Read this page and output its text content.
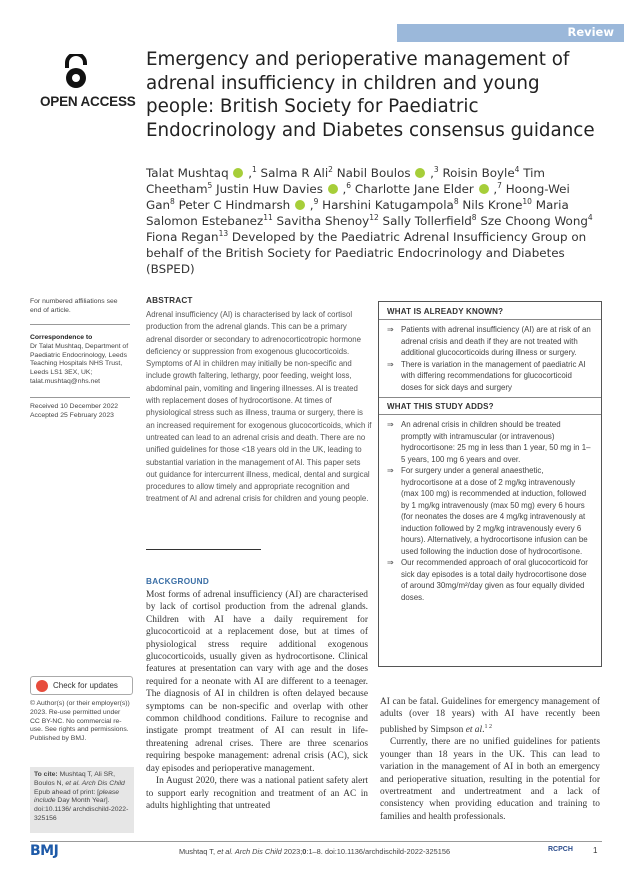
Review
OPEN ACCESS
Emergency and perioperative management of adrenal insufficiency in children and young people: British Society for Paediatric Endocrinology and Diabetes consensus guidance
Talat Mushtaq ,$^1$ Salma R Ali$^2$ Nabil Boulos ,$^3$ Roisin Boyle$^4$ Tim Cheetham$^5$ Justin Huw Davies ,$^6$ Charlotte Jane Elder ,$^7$ Hoong-Wei Gan$^8$ Peter C Hindmarsh ,$^9$ Harshini Katugampola$^8$ Nils Krone$^{10}$ Maria Salomon Estebanez$^{11}$ Savitha Shenoy$^{12}$ Sally Tollerfield$^8$ Sze Choong Wong$^4$ Fiona Regan$^{13}$ Developed by the Paediatric Adrenal Insufficiency Group on behalf of the British Society for Paediatric Endocrinology and Diabetes (BSPED)
For numbered affiliations see end of article.
Correspondence to
Dr Talat Mushtaq, Department of Paediatric Endocrinology, Leeds Teaching Hospitals NHS Trust, Leeds LS1 3EX, UK; talat.mushtaq@nhs.net
Received 10 December 2022
Accepted 25 February 2023
Check for updates
© Author(s) (or their employer(s)) 2023. Re-use permitted under CC BY-NC. No commercial re-use. See rights and permissions. Published by BMJ.
To cite: Mushtaq T, Ali SR, Boulos N, et al. Arch Dis Child Epub ahead of print: [please include Day Month Year]. doi:10.1136/ archdischild-2022-325156
ABSTRACT
Adrenal insufficiency (AI) is characterised by lack of cortisol production from the adrenal glands. This can be a primary adrenal disorder or secondary to adrenocorticotropic hormone deficiency or suppression from exogenous glucocorticoids. Symptoms of AI in children may initially be non-specific and include growth faltering, lethargy, poor feeding, weight loss, abdominal pain, vomiting and lingering illnesses. AI is treated with replacement doses of hydrocortisone. At times of physiological stress such as illness, trauma or surgery, there is an increased requirement for exogenous glucocorticoids, which if untreated can lead to an adrenal crisis and death. There are no unified guidelines for those <18 years old in the UK, leading to substantial variation in the management of AI. This paper sets out guidance for intercurrent illness, medical, dental and surgical procedures to allow timely and appropriate recognition and treatment of AI and adrenal crisis for children and young people.
WHAT IS ALREADY KNOWN?
⇒ Patients with adrenal insufficiency (AI) are at risk of an adrenal crisis and death if they are not treated with additional glucocorticoids during illness or surgery.
⇒ There is variation in the management of paediatric AI with differing recommendations for glucocorticoid doses for sick days and surgery
WHAT THIS STUDY ADDS?
⇒ An adrenal crisis in children should be treated promptly with intramuscular (or intravenous) hydrocortisone: 25 mg in less than 1 year, 50 mg in 1–5 years, 100 mg 6 years and over.
⇒ For surgery under a general anaesthetic, hydrocortisone at a dose of 2 mg/kg intravenously (max 100 mg) is recommended at induction, followed by 1 mg/kg intravenously (max 50 mg) every 6 hours (for neonates the doses are 4 mg/kg intravenously at induction followed by 2 mg/kg intravenously every 6 hours). Alternatively, a hydrocortisone infusion can be used following the induction dose of hydrocortisone.
⇒ Our recommended approach of oral glucocorticoid for sick day episodes is a total daily hydrocortisone dose of around 30mg/m²/day given as four equally divided doses.
BACKGROUND

Most forms of adrenal insufficiency (AI) are characterised by lack of cortisol production from the adrenal glands. Children with AI have a daily requirement for glucocorticoid at a replacement dose, but at times of physiological stress require additional exogenous glucocorticoids, usually given as hydrocortisone. Clinical features at presentation can vary with age and the doses required for a neonate with AI are different to a teenager. The diagnosis of AI in children is often delayed because symptoms can be non-specific and overlap with other common childhood conditions. Failure to recognise and instigate prompt treatment of AI can result in life-threatening adrenal crises. There are three scenarios requiring bespoke management: adrenal crisis (AC), sick day episodes and perioperative management.

In August 2020, there was a national patient safety alert to support early recognition and treatment of an AC in adults highlighting that untreated

AI can be fatal. Guidelines for emergency management of adults (over 18 years) with AI have recently been published by Simpson et al.$^{1 2}$

Currently, there are no unified guidelines for patients younger than 18 years in the UK. This can lead to variation in the management of AI in both an emergency and perioperative situation, resulting in the potential for overtreatment and undertreatment and a lack of consistency when providing education and training to families and health professionals.

BMJ	Mushtaq T, et al. Arch Dis Child 2023;0:1–8. doi:10.1136/archdischild-2022-325156	RCPCH	1
